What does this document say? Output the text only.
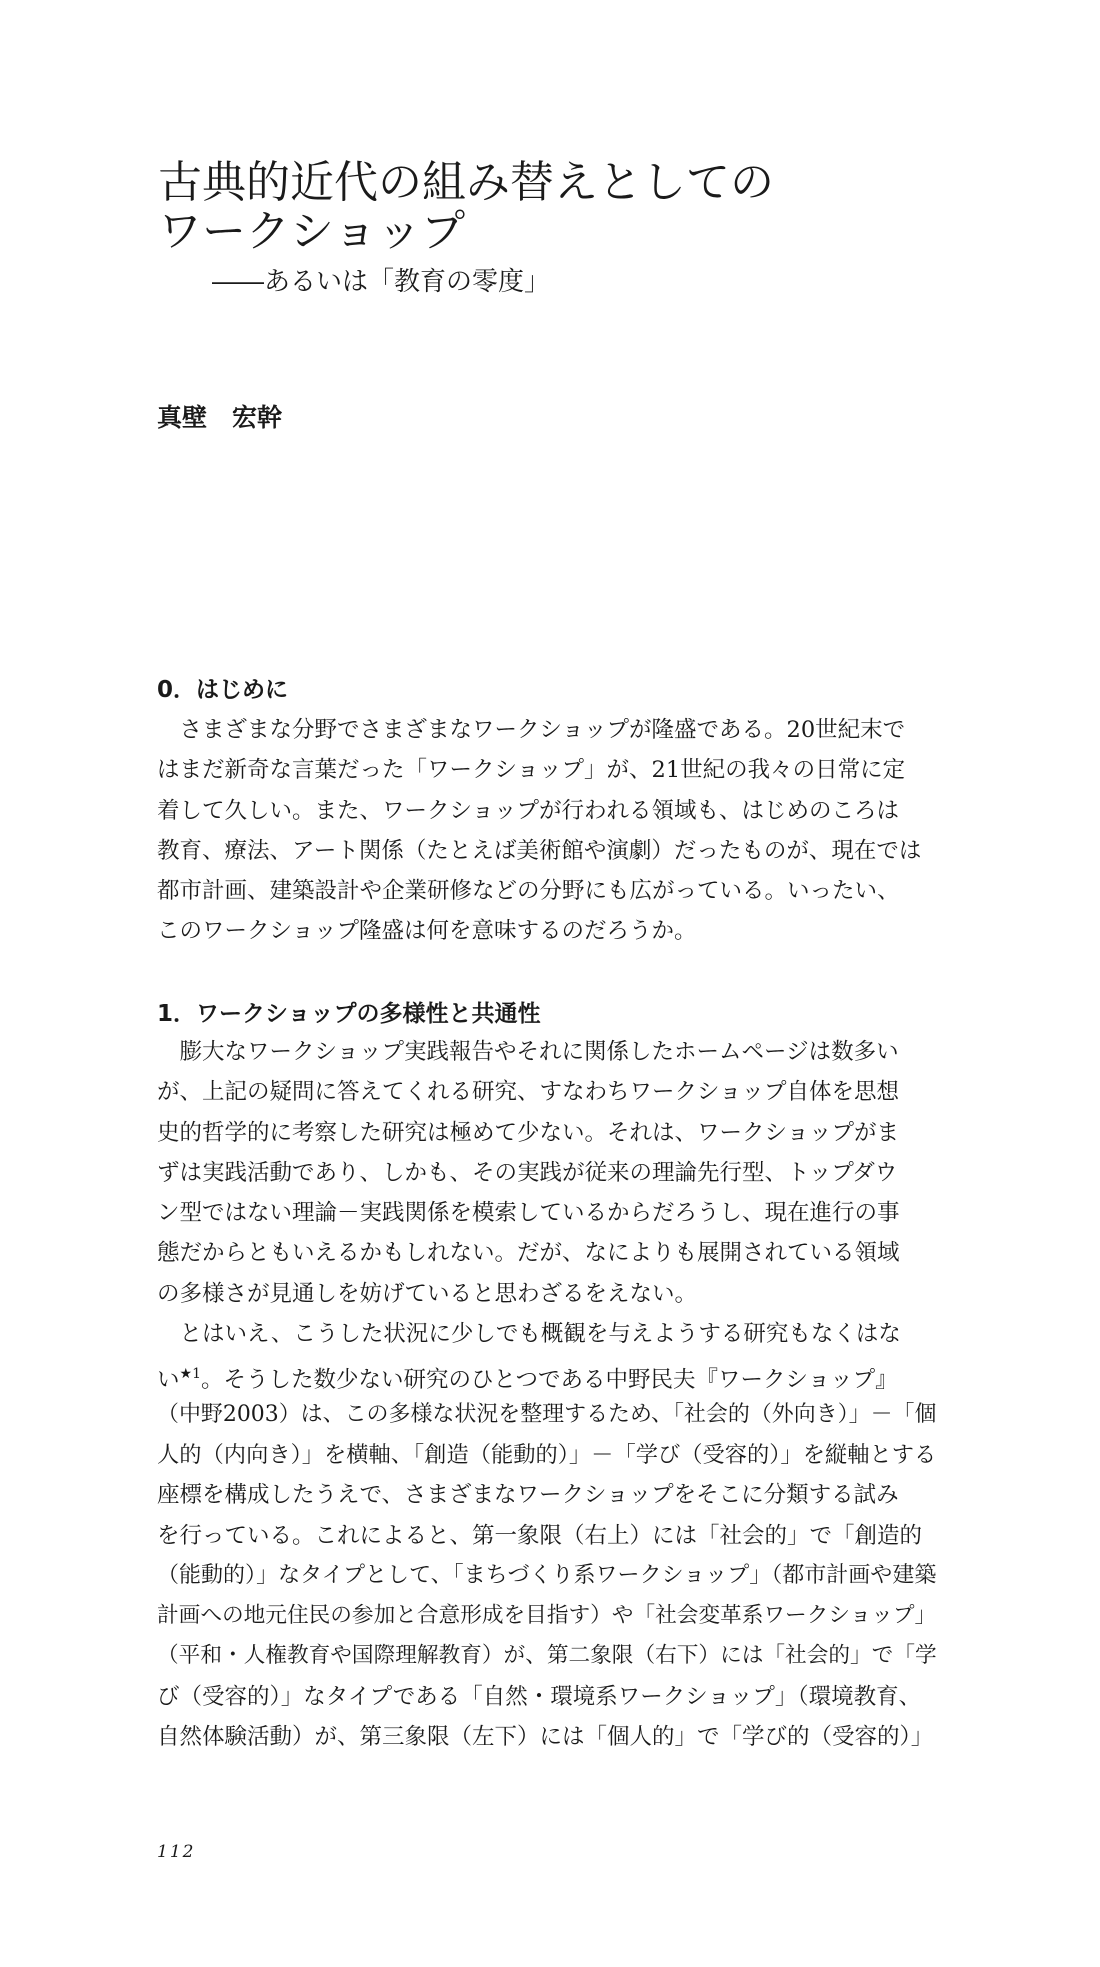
古典的近代の組み替えとしての
ワークショップ
――あるいは「教育の零度」
真壁　宏幹
0．はじめに
　さまざまな分野でさまざまなワークショップが隆盛である。20世紀末で
はまだ新奇な言葉だった「ワークショップ」が、21世紀の我々の日常に定
着して久しい。また、ワークショップが行われる領域も、はじめのころは
教育、療法、アート関係（たとえば美術館や演劇）だったものが、現在では
都市計画、建築設計や企業研修などの分野にも広がっている。いったい、
このワークショップ隆盛は何を意味するのだろうか。
1．ワークショップの多様性と共通性
　膨大なワークショップ実践報告やそれに関係したホームページは数多い
が、上記の疑問に答えてくれる研究、すなわちワークショップ自体を思想
史的哲学的に考察した研究は極めて少ない。それは、ワークショップがま
ずは実践活動であり、しかも、その実践が従来の理論先行型、トップダウ
ン型ではない理論－実践関係を模索しているからだろうし、現在進行の事
態だからともいえるかもしれない。だが、なによりも展開されている領域
の多様さが見通しを妨げていると思わざるをえない。
　とはいえ、こうした状況に少しでも概観を与えようする研究もなくはな
い$^{★1}$。そうした数少ない研究のひとつである中野民夫『ワークショップ』
（中野2003）は、この多様な状況を整理するため、「社会的（外向き）」－「個
人的（内向き）」を横軸、「創造（能動的）」－「学び（受容的）」を縦軸とする
座標を構成したうえで、さまざまなワークショップをそこに分類する試み
を行っている。これによると、第一象限（右上）には「社会的」で「創造的
（能動的）」なタイプとして、「まちづくり系ワークショップ」（都市計画や建築
計画への地元住民の参加と合意形成を目指す）や「社会変革系ワークショップ」
（平和・人権教育や国際理解教育）が、第二象限（右下）には「社会的」で「学
び（受容的）」なタイプである「自然・環境系ワークショップ」（環境教育、
自然体験活動）が、第三象限（左下）には「個人的」で「学び的（受容的）」
112
